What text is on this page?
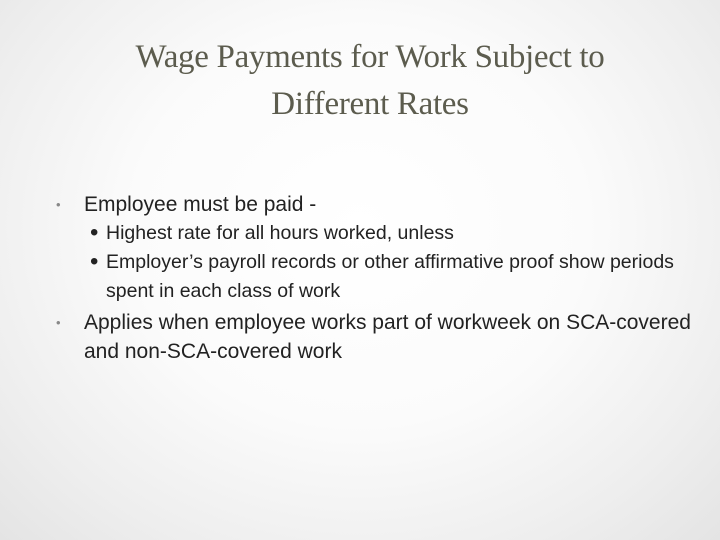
Wage Payments for Work Subject to
Different Rates
• Employee must be paid -
• Highest rate for all hours worked, unless
• Employer’s payroll records or other affirmative proof show periods spent in each class of work
• Applies when employee works part of workweek on SCA-covered and non-SCA-covered work
